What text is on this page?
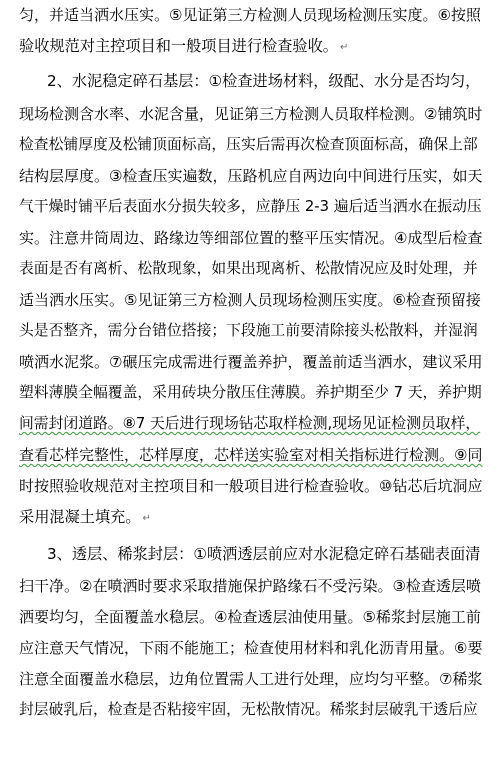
匀，并适当洒水压实。⑤见证第三方检测人员现场检测压实度。⑥按照
验收规范对主控项目和一般项目进行检查验收。 ↵
2、水泥稳定碎石基层：①检查进场材料，级配、水分是否均匀，
现场检测含水率、水泥含量，见证第三方检测人员取样检测。②铺筑时
检查松铺厚度及松铺顶面标高，压实后需再次检查顶面标高，确保上部
结构层厚度。③检查压实遍数，压路机应自两边向中间进行压实，如天
气干燥时铺平后表面水分损失较多，应静压 2-3 遍后适当洒水在振动压
实。注意井筒周边、路缘边等细部位置的整平压实情况。④成型后检查
表面是否有离析、松散现象，如果出现离析、松散情况应及时处理，并
适当洒水压实。⑤见证第三方检测人员现场检测压实度。⑥检查预留接
头是否整齐，需分台错位搭接；下段施工前要清除接头松散料，并湿润
喷洒水泥浆。⑦碾压完成需进行覆盖养护，覆盖前适当洒水，建议采用
塑料薄膜全幅覆盖，采用砖块分散压住薄膜。养护期至少 7 天，养护期
间需封闭道路。⑧7 天后进行现场钻芯取样检测,现场见证检测员取样，
查看芯样完整性，芯样厚度，芯样送实验室对相关指标进行检测。⑨同
时按照验收规范对主控项目和一般项目进行检查验收。⑩钻芯后坑洞应
采用混凝土填充。 ↵
3、透层、稀浆封层：①喷洒透层前应对水泥稳定碎石基础表面清
扫干净。②在喷洒时要求采取措施保护路缘石不受污染。③检查透层喷
洒要均匀，全面覆盖水稳层。④检查透层油使用量。⑤稀浆封层施工前
应注意天气情况，下雨不能施工；检查使用材料和乳化沥青用量。⑥要
注意全面覆盖水稳层，边角位置需人工进行处理，应均匀平整。⑦稀浆
封层破乳后，检查是否粘接牢固，无松散情况。稀浆封层破乳干透后应
